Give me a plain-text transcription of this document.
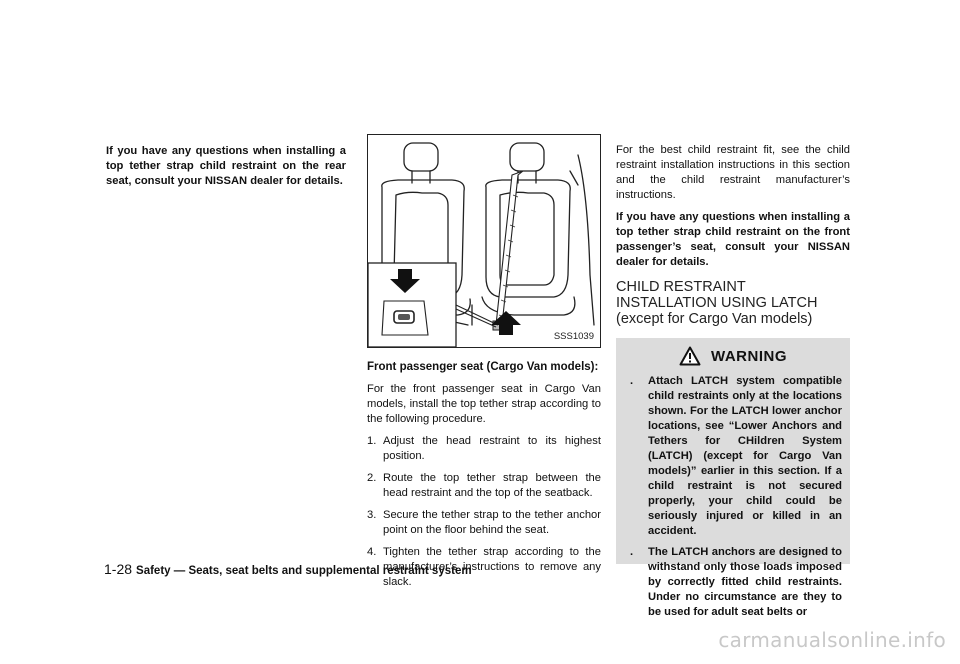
If you have any questions when installing a top tether strap child restraint on the rear seat, consult your NISSAN dealer for details.

SSS1039

Front passenger seat (Cargo Van models):

For the front passenger seat in Cargo Van models, install the top tether strap according to the following procedure.

1. Adjust the head restraint to its highest position.
2. Route the top tether strap between the head restraint and the top of the seatback.
3. Secure the tether strap to the tether anchor point on the floor behind the seat.
4. Tighten the tether strap according to the manufacturer’s instructions to remove any slack.

For the best child restraint fit, see the child restraint installation instructions in this section and the child restraint manufacturer’s instructions.

If you have any questions when installing a top tether strap child restraint on the front passenger’s seat, consult your NISSAN dealer for details.

CHILD RESTRAINT INSTALLATION USING LATCH (except for Cargo Van models)
WARNING
.	Attach LATCH system compatible child restraints only at the locations shown. For the LATCH lower anchor locations, see “Lower Anchors and Tethers for CHildren System (LATCH) (except for Cargo Van models)” earlier in this section. If a child restraint is not secured properly, your child could be seriously injured or killed in an accident.
.	The LATCH anchors are designed to withstand only those loads imposed by correctly fitted child restraints. Under no circumstance are they to be used for adult seat belts or
1-28 Safety — Seats, seat belts and supplemental restraint system
carmanualsonline.info
